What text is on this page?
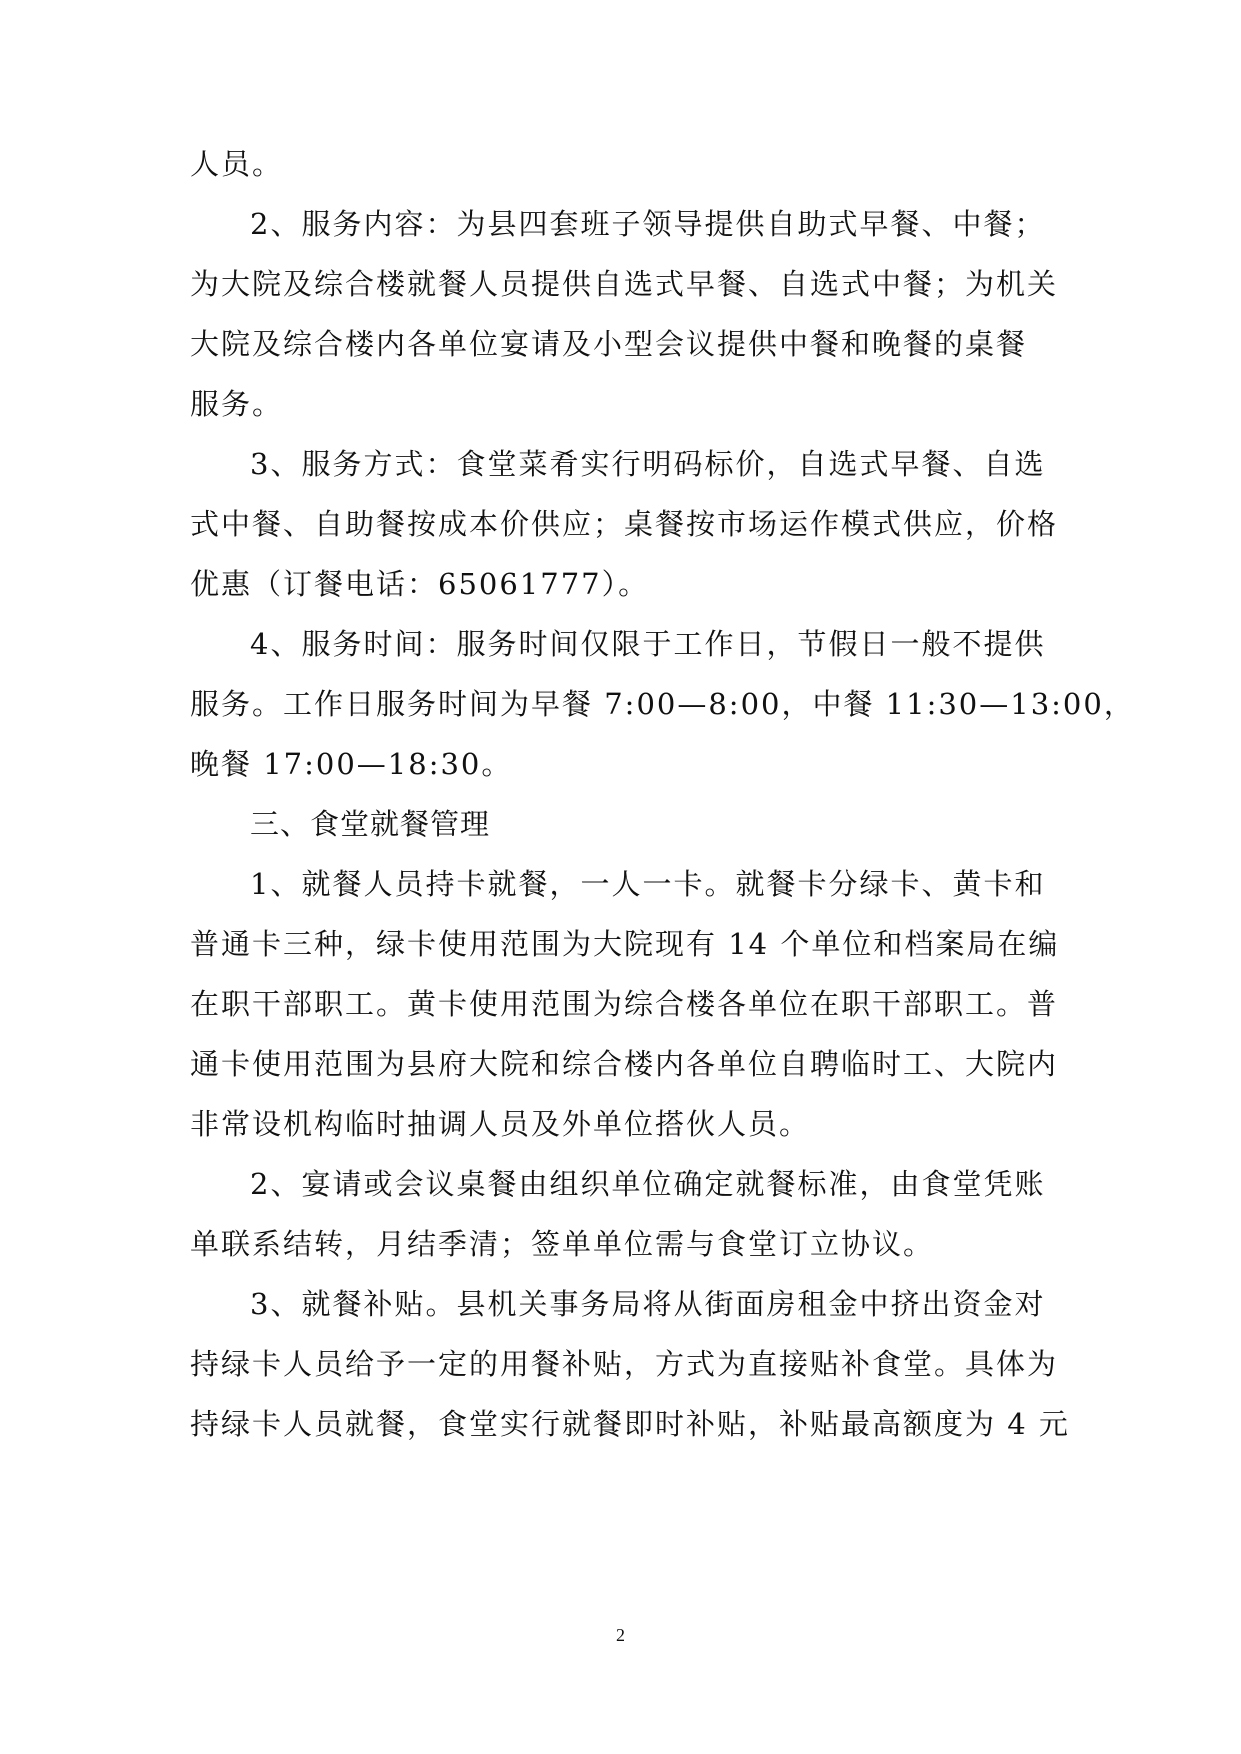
人员。
2、服务内容：为县四套班子领导提供自助式早餐、中餐；
为大院及综合楼就餐人员提供自选式早餐、自选式中餐；为机关
大院及综合楼内各单位宴请及小型会议提供中餐和晚餐的桌餐
服务。
3、服务方式：食堂菜肴实行明码标价，自选式早餐、自选
式中餐、自助餐按成本价供应；桌餐按市场运作模式供应，价格
优惠（订餐电话：65061777）。
4、服务时间：服务时间仅限于工作日，节假日一般不提供
服务。工作日服务时间为早餐 7:00—8:00，中餐 11:30—13:00，
晚餐 17:00—18:30。
三、食堂就餐管理
1、就餐人员持卡就餐，一人一卡。就餐卡分绿卡、黄卡和
普通卡三种，绿卡使用范围为大院现有 14 个单位和档案局在编
在职干部职工。黄卡使用范围为综合楼各单位在职干部职工。普
通卡使用范围为县府大院和综合楼内各单位自聘临时工、大院内
非常设机构临时抽调人员及外单位搭伙人员。
2、宴请或会议桌餐由组织单位确定就餐标准，由食堂凭账
单联系结转，月结季清；签单单位需与食堂订立协议。
3、就餐补贴。县机关事务局将从街面房租金中挤出资金对
持绿卡人员给予一定的用餐补贴，方式为直接贴补食堂。具体为
持绿卡人员就餐，食堂实行就餐即时补贴，补贴最高额度为 4 元
2
